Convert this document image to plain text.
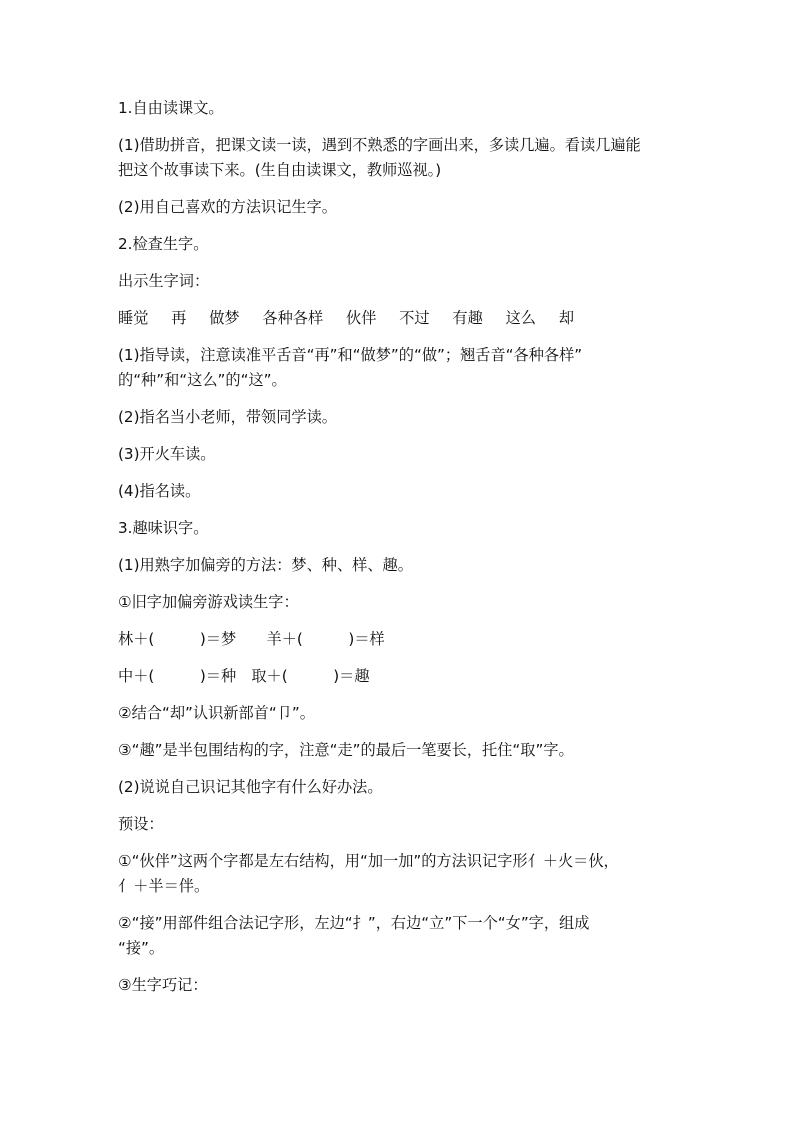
1.自由读课文。

(1)借助拼音，把课文读一读，遇到不熟悉的字画出来，多读几遍。看读几遍能

把这个故事读下来。(生自由读课文，教师巡视。)

(2)用自己喜欢的方法识记生字。

2.检查生字。

出示生字词：

睡觉 再 做梦 各种各样 伙伴 不过 有趣 这么 却

(1)指导读，注意读准平舌音“再”和“做梦”的“做”；翘舌音“各种各样”

的“种”和“这么”的“这”。

(2)指名当小老师，带领同学读。

(3)开火车读。

(4)指名读。

3.趣味识字。

(1)用熟字加偏旁的方法：梦、种、样、趣。

①旧字加偏旁游戏读生字：

林＋(　　　)＝梦　　羊＋(　　　)＝样

中＋(　　　)＝种　取＋(　　　)＝趣

②结合“却”认识新部首“卩”。

③“趣”是半包围结构的字，注意“走”的最后一笔要长，托住“取”字。

(2)说说自己识记其他字有什么好办法。

预设：

①“伙伴”这两个字都是左右结构，用“加一加”的方法识记字形亻＋火＝伙，

亻＋半＝伴。

②“接”用部件组合法记字形，左边“扌”，右边“立”下一个“女”字，组成

“接”。

③生字巧记：
